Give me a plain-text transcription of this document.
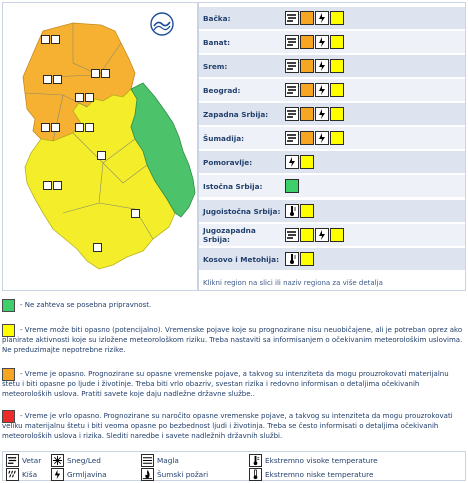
Bačka:
Banat:
Srem:
Beograd:
Zapadna Srbija:
Šumadija:
Pomoravlje:
Istočna Srbija:
Jugoistočna Srbija:
Jugozapadna Srbija:
Kosovo i Metohija:
Klikni region na slici ili naziv regiona za više detalja
- Ne zahteva se posebna pripravnost.
- Vreme može biti opasno (potencijalno). Vremenske pojave koje su prognozirane nisu neuobičajene, ali je potreban oprez ako planirate aktivnosti koje su izložene meteorološkom riziku. Treba nastaviti sa informisanjem o očekivanim meteorološkim uslovima. Ne preduzimajte nepotrebne rizike.
- Vreme je opasno. Prognozirane su opasne vremenske pojave, a takvog su intenziteta da mogu prouzrokovati materijalnu štetu i biti opasne po ljude i životinje. Treba biti vrlo obazriv, svestan rizika i redovno informisan o detaljima očekivanih meteoroloških uslova. Pratiti savete koje daju nadležne državne službe..
- Vreme je vrlo opasno. Prognozirane su naročito opasne vremenske pojave, a takvog su intenziteta da mogu prouzrokovati veliku materijalnu štetu i biti veoma opasne po bezbednost ljudi i životinja. Treba se često informisati o detaljima očekivanih meteoroloških uslova i rizika. Slediti naredbe i savete nadležnih državnih službi.
Vetar	Sneg/Led	Magla	Ekstremno visoke temperature
Kiša	Grmljavina	Šumski požari	Ekstremno niske temperature
